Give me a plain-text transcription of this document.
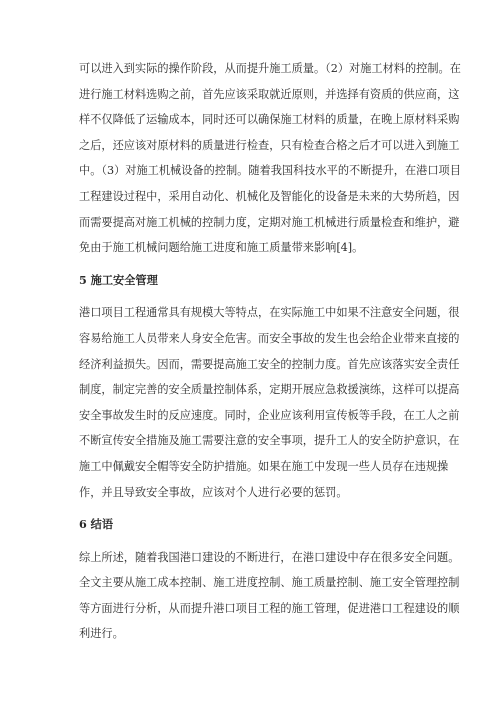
可以进入到实际的操作阶段，从而提升施工质量。（2）对施工材料的控制。在
进行施工材料选购之前，首先应该采取就近原则，并选择有资质的供应商，这
样不仅降低了运输成本，同时还可以确保施工材料的质量，在晚上原材料采购
之后，还应该对原材料的质量进行检查，只有检查合格之后才可以进入到施工
中。（3）对施工机械设备的控制。随着我国科技水平的不断提升，在港口项目
工程建设过程中，采用自动化、机械化及智能化的设备是未来的大势所趋，因
而需要提高对施工机械的控制力度，定期对施工机械进行质量检查和维护，避
免由于施工机械问题给施工进度和施工质量带来影响[4]。

5 施工安全管理

港口项目工程通常具有规模大等特点，在实际施工中如果不注意安全问题，很
容易给施工人员带来人身安全危害。而安全事故的发生也会给企业带来直接的
经济利益损失。因而，需要提高施工安全的控制力度。首先应该落实安全责任
制度，制定完善的安全质量控制体系，定期开展应急救援演练，这样可以提高
安全事故发生时的反应速度。同时，企业应该利用宣传板等手段，在工人之前
不断宣传安全措施及施工需要注意的安全事项，提升工人的安全防护意识，在
施工中佩戴安全帽等安全防护措施。如果在施工中发现一些人员存在违规操
作，并且导致安全事故，应该对个人进行必要的惩罚。

6 结语

综上所述，随着我国港口建设的不断进行，在港口建设中存在很多安全问题。
全文主要从施工成本控制、施工进度控制、施工质量控制、施工安全管理控制
等方面进行分析，从而提升港口项目工程的施工管理，促进港口工程建设的顺
利进行。
